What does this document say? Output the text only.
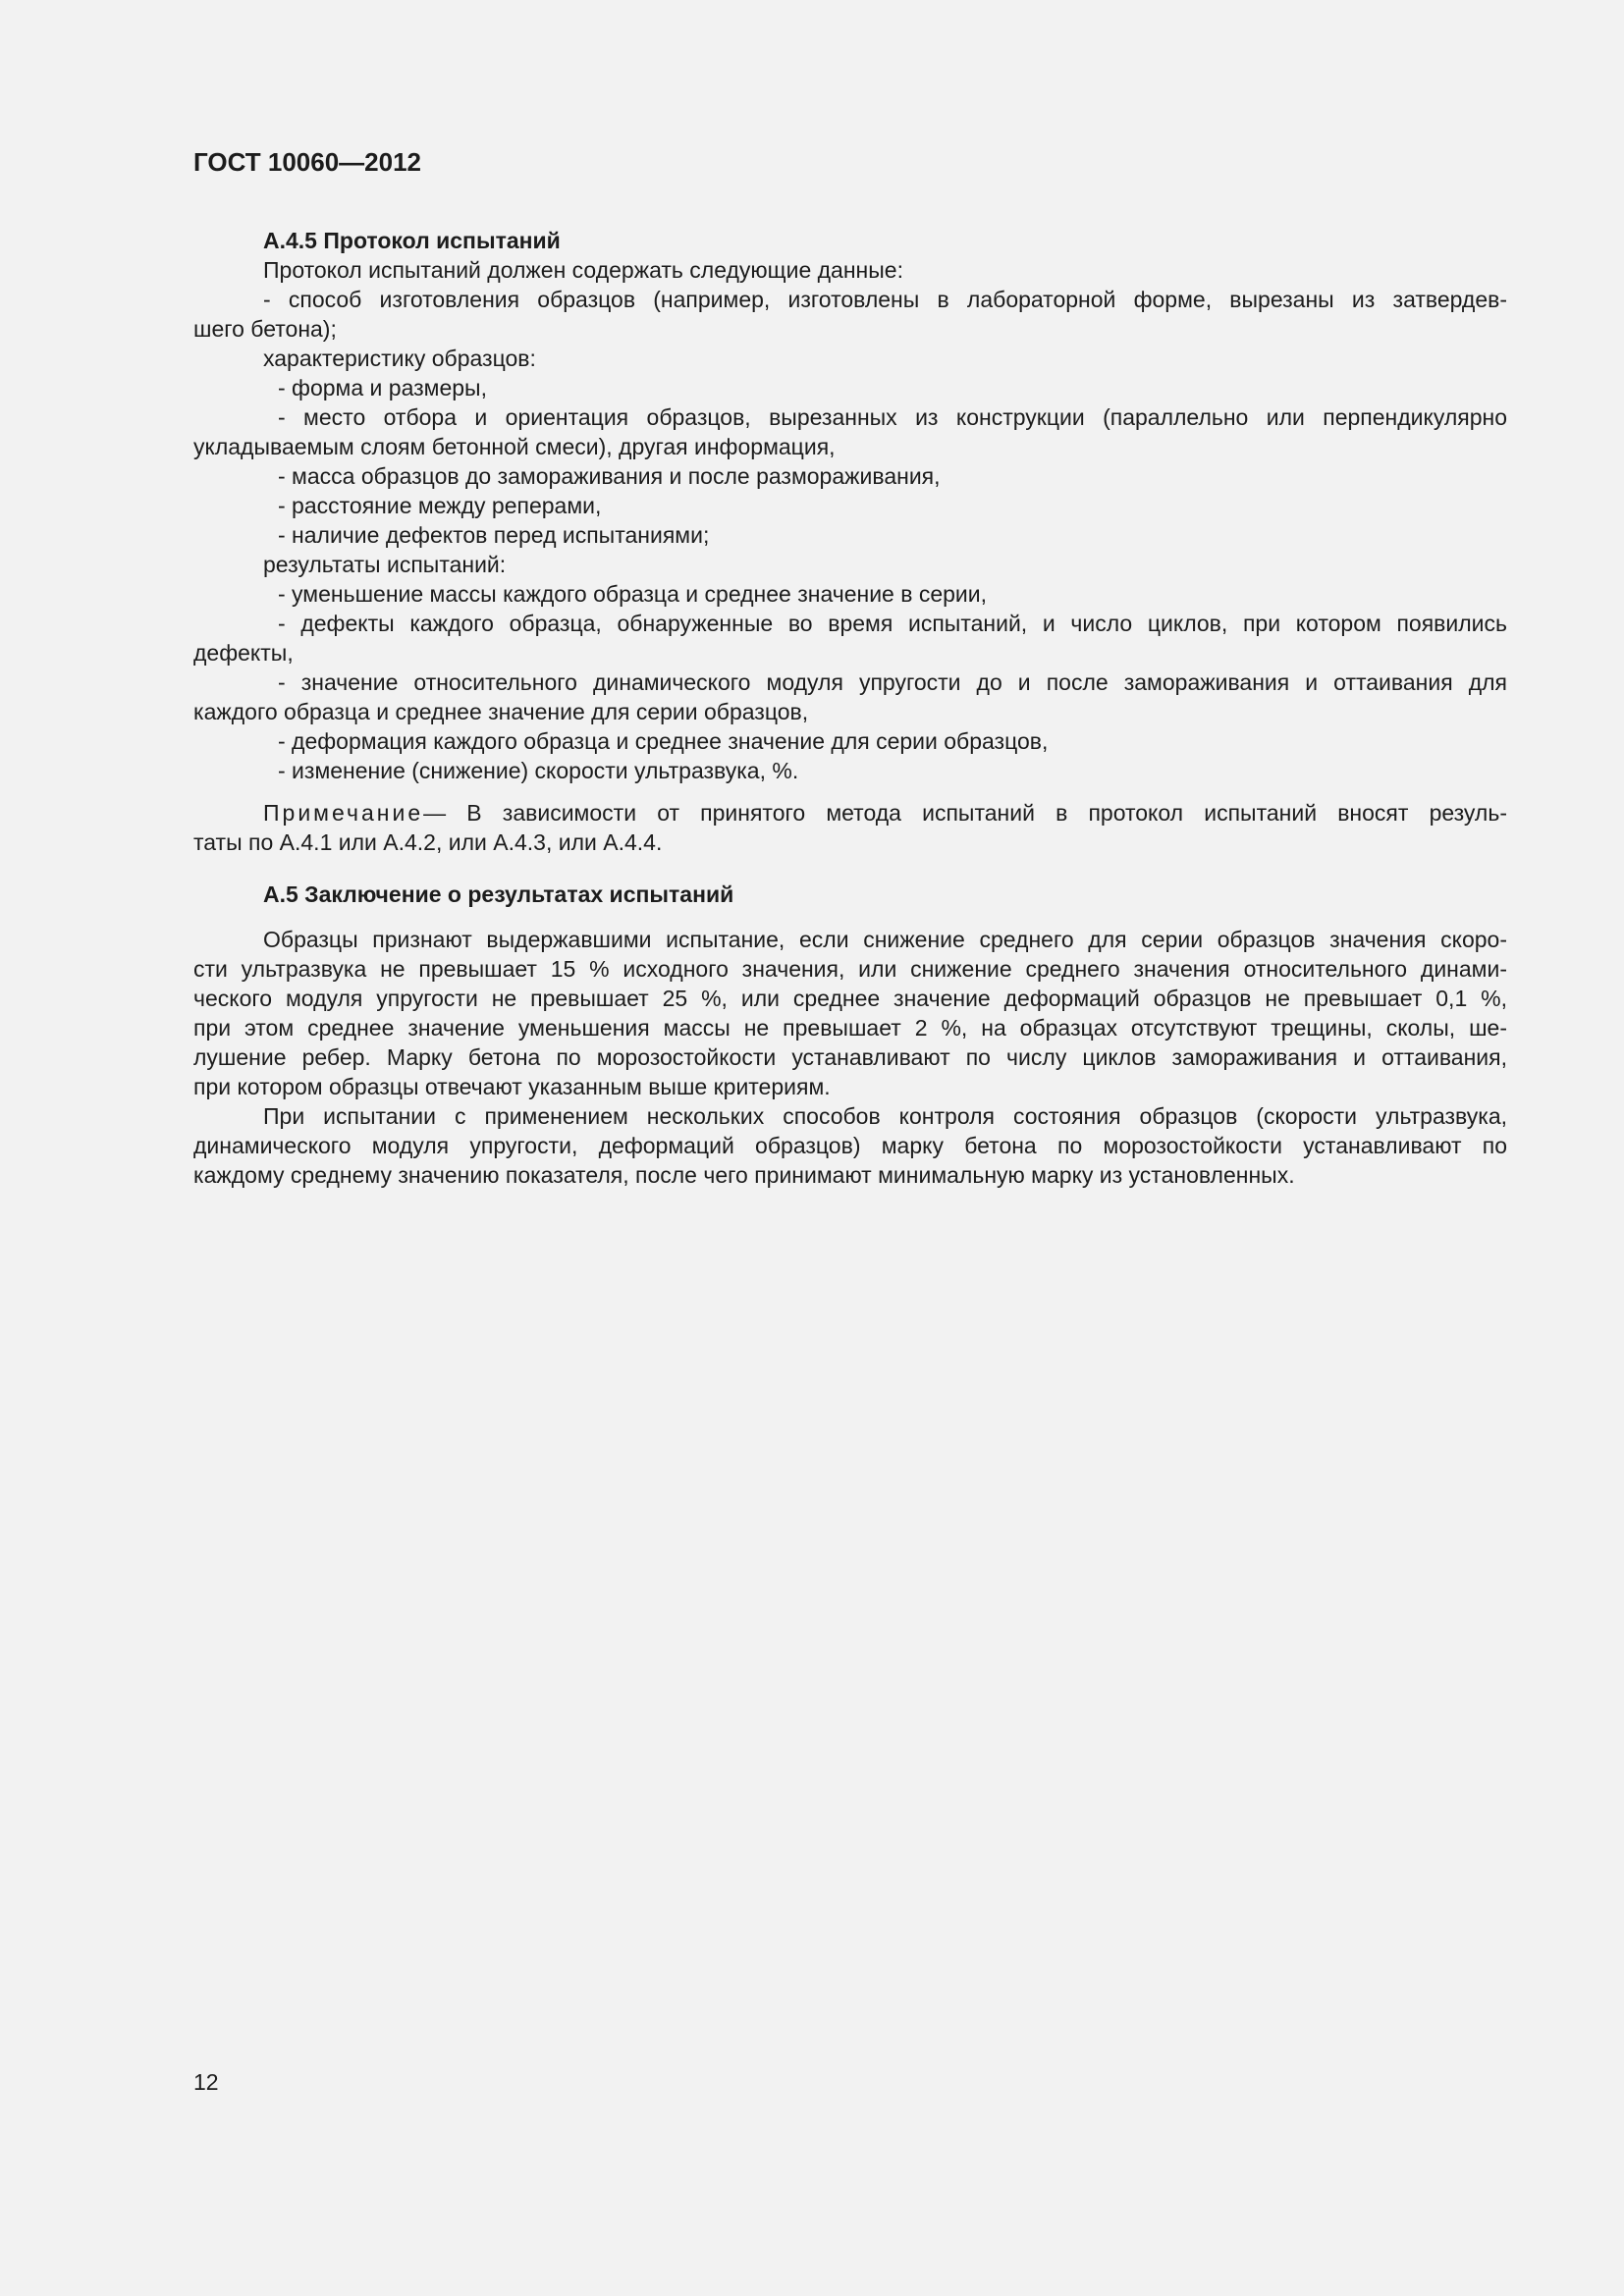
ГОСТ 10060—2012
А.4.5 Протокол испытаний
Протокол испытаний должен содержать следующие данные:
- способ изготовления образцов (например, изготовлены в лабораторной форме, вырезаны из затвердев-
шего бетона);
характеристику образцов:
- форма и размеры,
- место отбора и ориентация образцов, вырезанных из конструкции (параллельно или перпендикулярно
укладываемым слоям бетонной смеси), другая информация,
- масса образцов до замораживания и после размораживания,
- расстояние между реперами,
- наличие дефектов перед испытаниями;
результаты испытаний:
- уменьшение массы каждого образца и среднее значение в серии,
- дефекты каждого образца, обнаруженные во время испытаний, и число циклов, при котором появились
дефекты,
- значение относительного динамического модуля упругости до и после замораживания и оттаивания для
каждого образца и среднее значение для серии образцов,
- деформация каждого образца и среднее значение для серии образцов,
- изменение (снижение) скорости ультразвука, %.
Примечание— В зависимости от принятого метода испытаний в протокол испытаний вносят резуль-
таты по А.4.1 или А.4.2, или А.4.3, или А.4.4.
А.5 Заключение о результатах испытаний
Образцы признают выдержавшими испытание, если снижение среднего для серии образцов значения скоро-
сти ультразвука не превышает 15 % исходного значения, или снижение среднего значения относительного динами-
ческого модуля упругости не превышает 25 %, или среднее значение деформаций образцов не превышает 0,1 %,
при этом среднее значение уменьшения массы не превышает 2 %, на образцах отсутствуют трещины, сколы, ше-
лушение ребер. Марку бетона по морозостойкости устанавливают по числу циклов замораживания и оттаивания,
при котором образцы отвечают указанным выше критериям.
При испытании с применением нескольких способов контроля состояния образцов (скорости ультразвука,
динамического модуля упругости, деформаций образцов) марку бетона по морозостойкости устанавливают по
каждому среднему значению показателя, после чего принимают минимальную марку из установленных.
12
